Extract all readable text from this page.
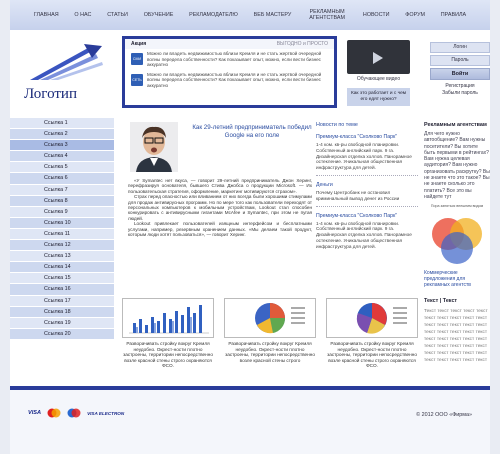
ГЛАВНАЯ	О НАС	СТАТЬИ	ОБУЧЕНИЕ	РЕКЛАМОДАТЕЛЮ	ВЕБ МАСТЕРУ	РЕКЛАМНЫМ АГЕНТСТВАМ	НОВОСТИ	ФОРУМ	ПРАВИЛА
Логотип
Акция	ВЫГОДНО и ПРОСТО
СМИ
Можно ли владеть недвижимостью вблизи Кремля и не стать жертвой очередной волны передела собственности? Как показывает опыт, можно, если вести бизнес аккуратно
СЕТЬ
Можно ли владеть недвижимостью вблизи Кремля и не стать жертвой очередной волны передела собственности? Как показывает опыт, можно, если вести бизнес аккуратно
Обучающее видео
Как это работает и с чем его едят нужно?
Логин
Пароль
Войти
Регистрация
Забыли пароль
Ссылка 1
Ссылка 2
Ссылка 3
Ссылка 4
Ссылка 5
Ссылка 6
Ссылка 7
Ссылка 8
Ссылка 9
Ссылка 10
Ссылка 11
Ссылка 12
Ссылка 13
Ссылка 14
Ссылка 15
Ссылка 16
Ссылка 17
Ссылка 18
Ссылка 19
Ссылка 20
Как 29-летний предприниматель победил Google на его поле

«У Symantec нет вкуса, — говорит 29-летний предприниматель Джон Херинг, перефразируя основателя, бывшего Стива Джобса о продукции Microsoft. — Их пользовательская стратегия, оформление, маркетинг мотивируются страхом».

Страх перед опасностью или вливанием от них всегда были хорошими стимулами для продаж антивирусных программ. Но по мере того как пользователи переходят от персональных компьютеров к мобильным устройствам, Lookout стал способен конкурировать с антивирусными гигантами McAfee и Symantec, при этом не пугая людей.

Lookout привлекает пользователей изящным интерфейсом и бесплатными услугами, например, резервным хранением данных. «Мы делаем такой продукт, которым люди хотят пользоваться», — говорит Херинг.

Новости по теме
Премиум-класса "Сколково Парк"
1-4 ком. кв-ры свободной планировки. Собственный английский парк. 9 га. Дизайнерская отделка холлов. Панорамное остекление. Уникальная общественная инфраструктура для детей.
Деньги
Почему Центробанк не остановил криминальный вывод денег из России
Премиум-класса "Сколково Парк"
1-4 ком. кв-ры свободной планировки. Собственный английский парк. 9 га. Дизайнерская отделка холлов. Панорамное остекление. Уникальная общественная инфраструктура для детей.
Рекламным агентствам
Для чего нужно автообщение? Вам нужны посетители? Вы хотите быть первыми в рейтингах? Вам нужна целевая аудитория? Вам нужно организовать раскрутку? Вы не знаете что это такое? Вы не знаете сколько это платить? Все это вы найдете тут
Пора заняться внешним видом
Коммерческие предложения для рекламных агентств
Текст | Текст
Текст текст текст текст текст текст текст текст текст текст текст текст текст текст текст текст текст текст текст текст текст текст текст текст текст текст текст текст текст текст текст текст текст текст текст текст текст текст текст текст
Разворачивать стройку вокруг Кремля неудобно. Окрест-ности плотно застроены, территории непосредственно возле красной стены строго охраняются ФСО.
Разворачивать стройку вокруг Кремля неудобно. Окрест-ности плотно застроены, территории непосредственно возле красной стены строго
Разворачивать стройку вокруг Кремля неудобно. Окрест-ности плотно застроены, территории непосредственно возле красной стены строго охраняются ФСО.
VISA	VISA ELECTRON	© 2012 ООО «Фирма»
